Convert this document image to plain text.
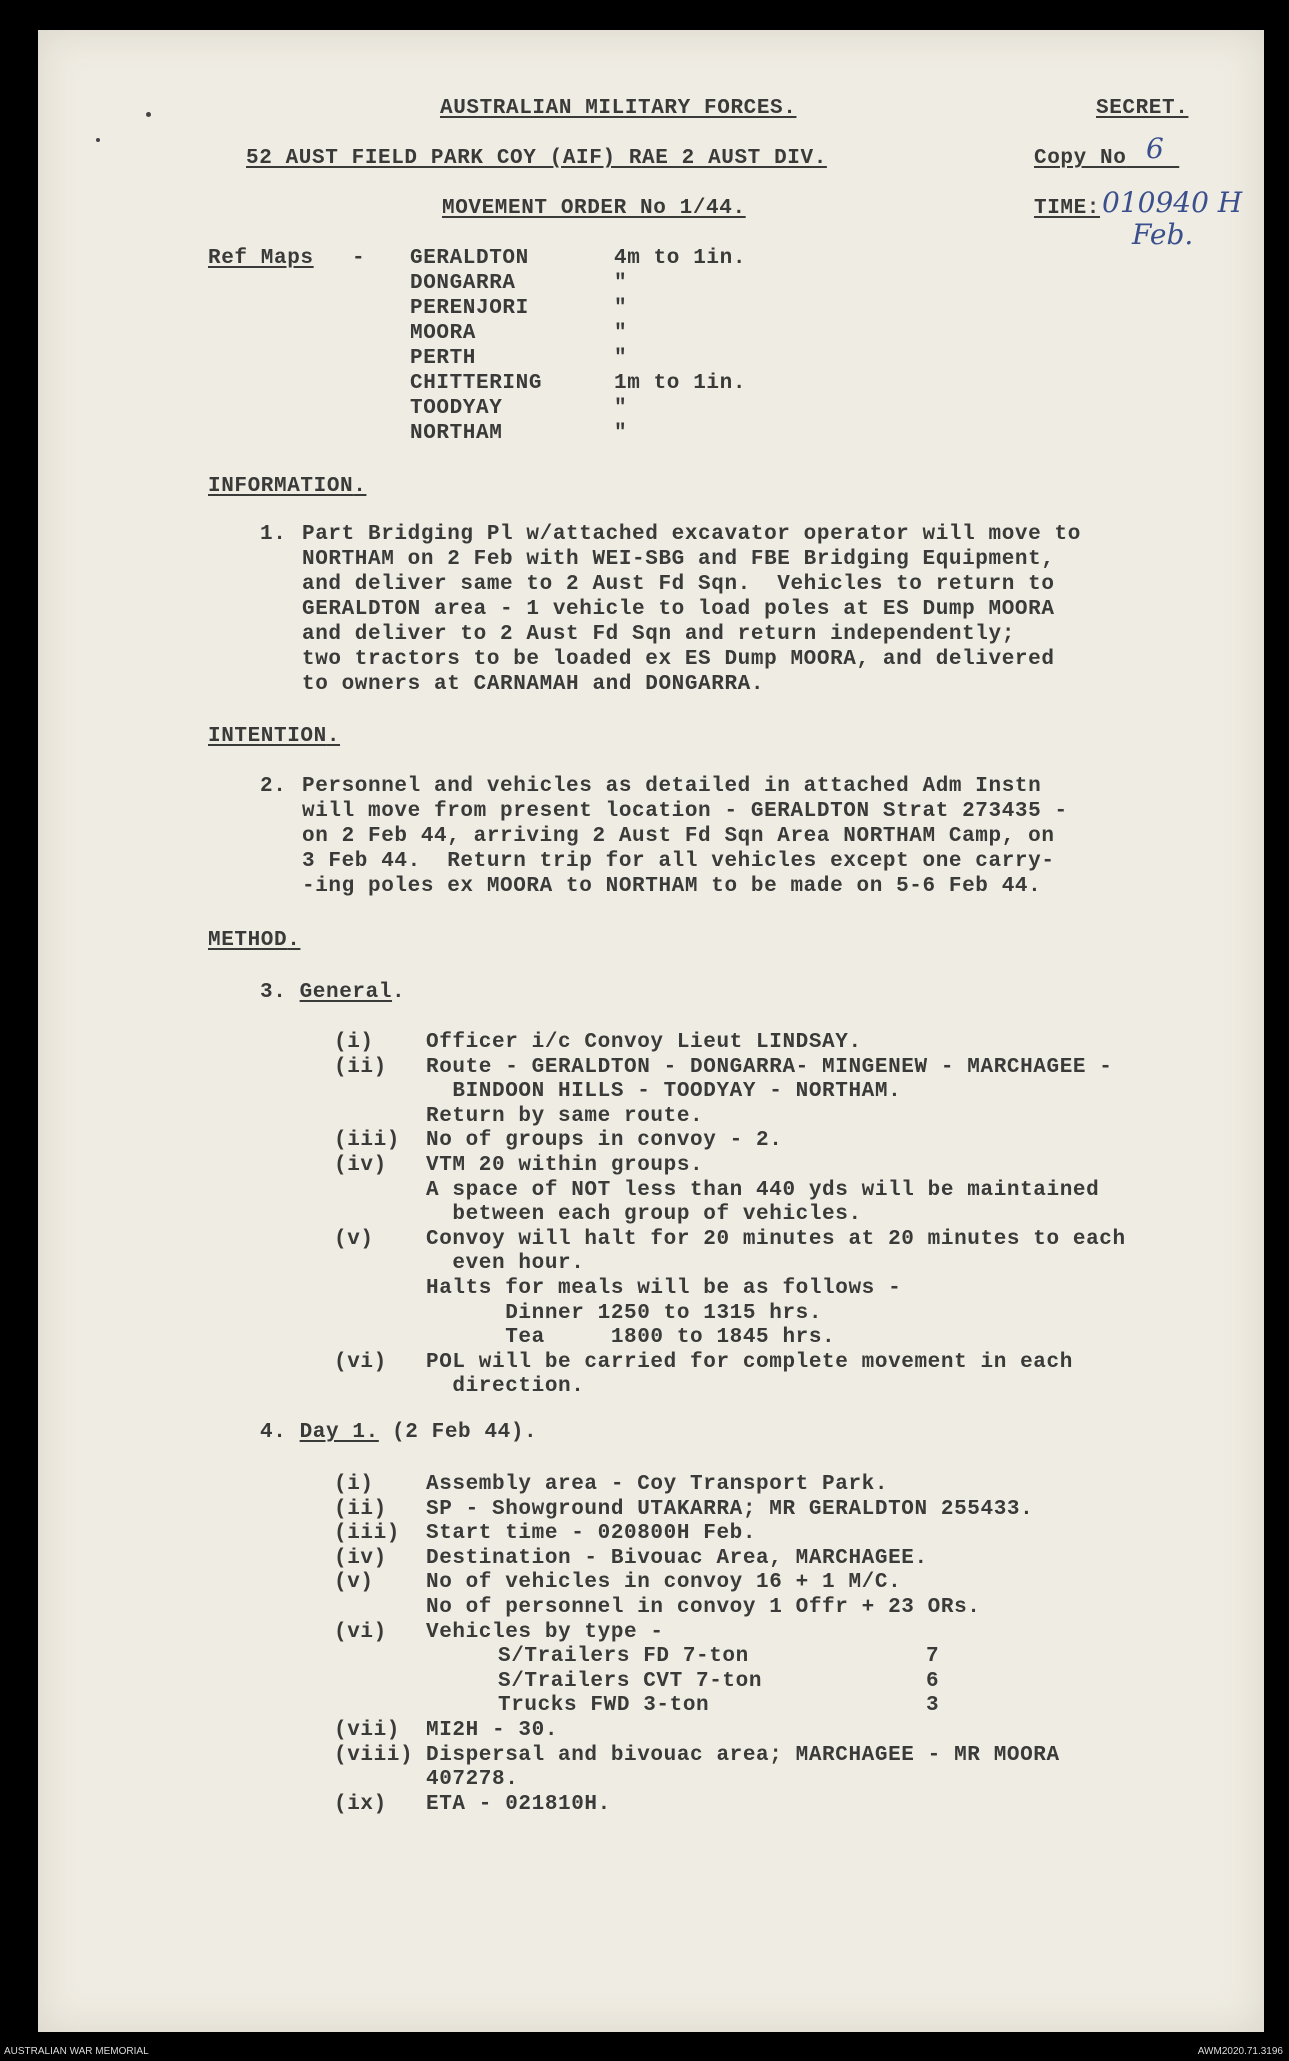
AUSTRALIAN MILITARY FORCES.	SECRET.
52 AUST FIELD PARK COY (AIF) RAE 2 AUST DIV.	Copy No 6
MOVEMENT ORDER No 1/44.	TIME: 010940 H
Feb.
Ref Maps - GERALDTON	4m to 1in.
DONGARRA	"
PERENJORI	"
MOORA	"
PERTH	"
CHITTERING	1m to 1in.
TOODYAY	"
NORTHAM	"
INFORMATION.
1. Part Bridging Pl w/attached excavator operator will move to
NORTHAM on 2 Feb with WEI-SBG and FBE Bridging Equipment,
and deliver same to 2 Aust Fd Sqn.  Vehicles to return to
GERALDTON area - 1 vehicle to load poles at ES Dump MOORA
and deliver to 2 Aust Fd Sqn and return independently;
two tractors to be loaded ex ES Dump MOORA, and delivered
to owners at CARNAMAH and DONGARRA.
INTENTION.
2. Personnel and vehicles as detailed in attached Adm Instn
will move from present location - GERALDTON Strat 273435 -
on 2 Feb 44, arriving 2 Aust Fd Sqn Area NORTHAM Camp, on
3 Feb 44.  Return trip for all vehicles except one carry-
-ing poles ex MOORA to NORTHAM to be made on 5-6 Feb 44.
METHOD.
3. General.
(i) Officer i/c Convoy Lieut LINDSAY.
(ii) Route - GERALDTON - DONGARRA- MINGENEW - MARCHAGEE -
BINDOON HILLS - TOODYAY - NORTHAM.
Return by same route.
(iii) No of groups in convoy - 2.
(iv) VTM 20 within groups.
A space of NOT less than 440 yds will be maintained
between each group of vehicles.
(v) Convoy will halt for 20 minutes at 20 minutes to each
even hour.
Halts for meals will be as follows -
Dinner 1250 to 1315 hrs.
Tea     1800 to 1845 hrs.
(vi) POL will be carried for complete movement in each
direction.
4. Day 1. (2 Feb 44).
(i) Assembly area - Coy Transport Park.
(ii) SP - Showground UTAKARRA; MR GERALDTON 255433.
(iii) Start time - 020800H Feb.
(iv) Destination - Bivouac Area, MARCHAGEE.
(v) No of vehicles in convoy 16 + 1 M/C.
No of personnel in convoy 1 Offr + 23 ORs.
(vi) Vehicles by type -
S/Trailers FD 7-ton	7
S/Trailers CVT 7-ton	6
Trucks FWD 3-ton	3
(vii) MI2H - 30.
(viii) Dispersal and bivouac area; MARCHAGEE - MR MOORA
407278.
(ix) ETA - 021810H.
AUSTRALIAN WAR MEMORIAL	AWM2020.71.3196
